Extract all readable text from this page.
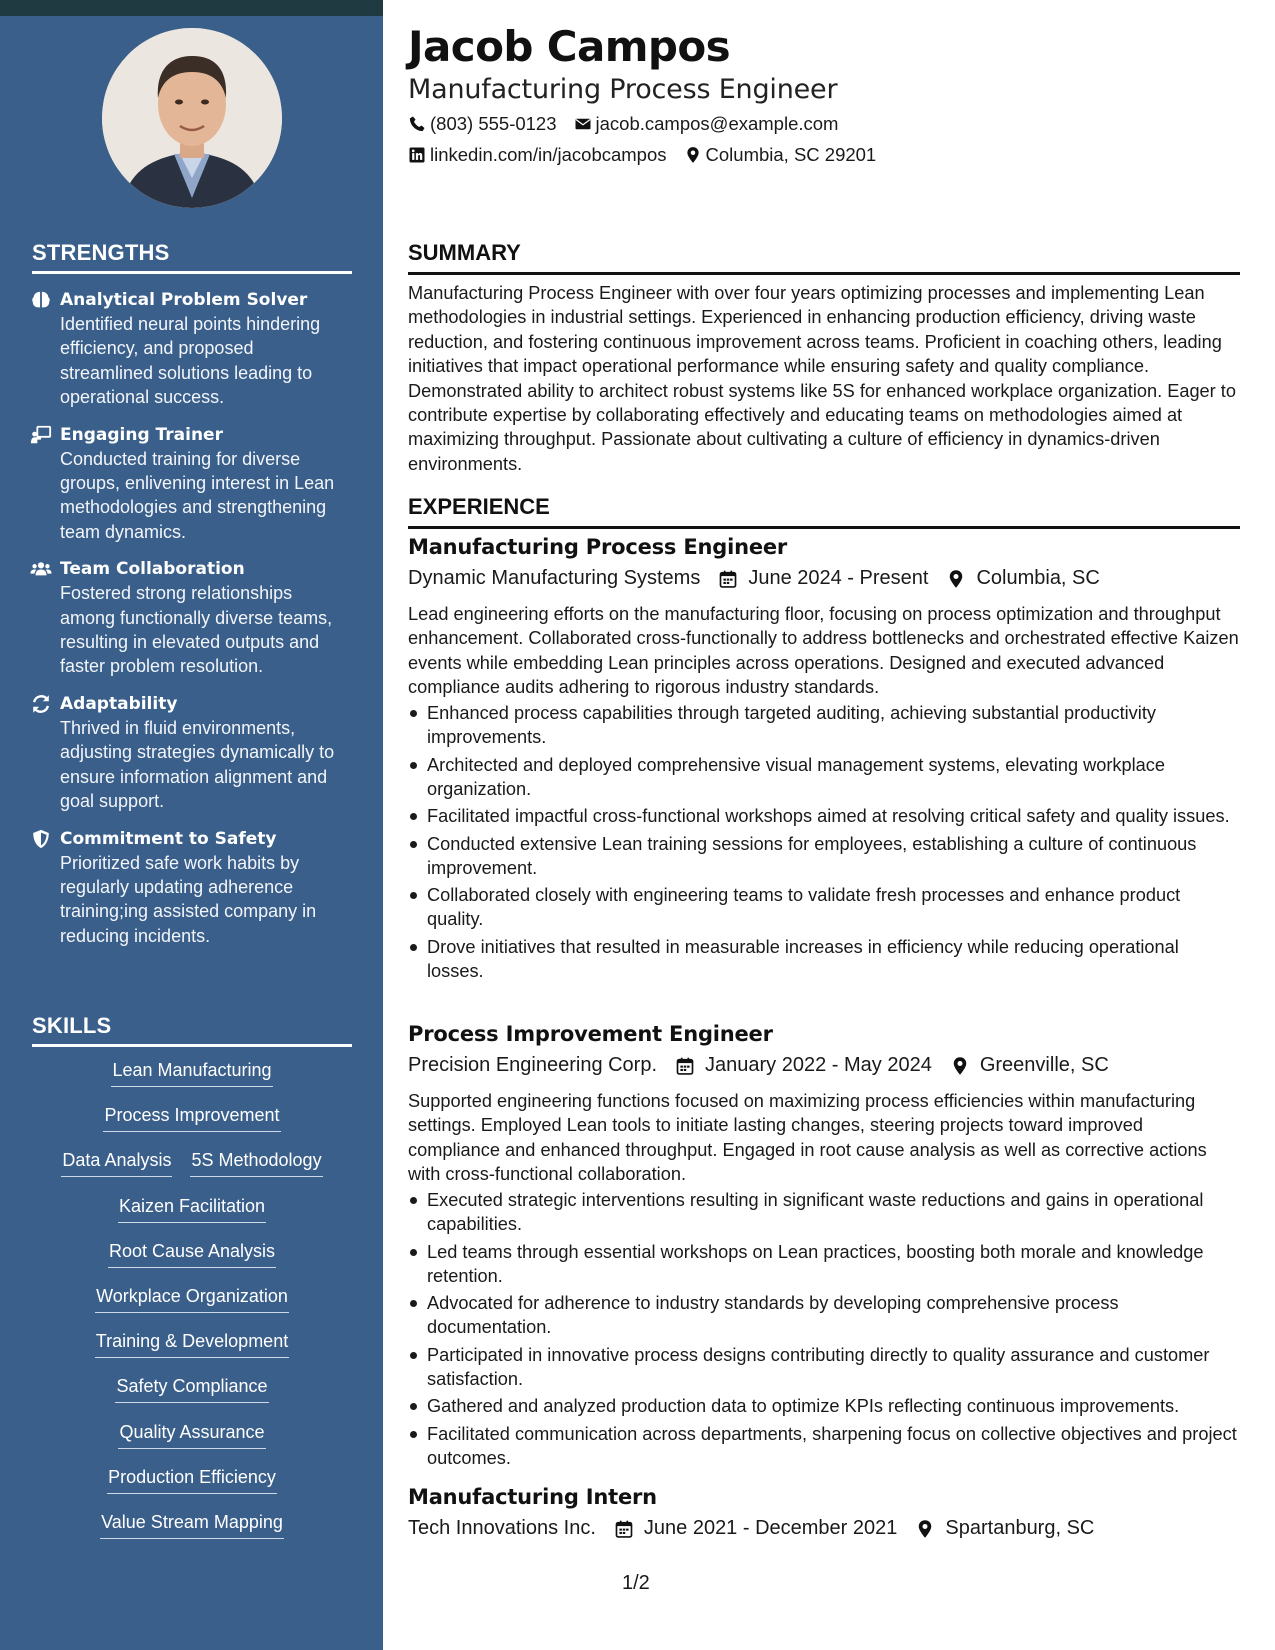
STRENGTHS
Analytical Problem Solver
Identified neural points hindering efficiency, and proposed streamlined solutions leading to operational success.
Engaging Trainer
Conducted training for diverse groups, enlivening interest in Lean methodologies and strengthening team dynamics.
Team Collaboration
Fostered strong relationships among functionally diverse teams, resulting in elevated outputs and faster problem resolution.
Adaptability
Thrived in fluid environments, adjusting strategies dynamically to ensure information alignment and goal support.
Commitment to Safety
Prioritized safe work habits by regularly updating adherence training;ing assisted company in reducing incidents.
SKILLS
Lean Manufacturing
Process Improvement
Data Analysis 5S Methodology
Kaizen Facilitation
Root Cause Analysis
Workplace Organization
Training & Development
Safety Compliance
Quality Assurance
Production Efficiency
Value Stream Mapping
Jacob Campos
Manufacturing Process Engineer
(803) 555-0123 jacob.campos@example.com
linkedin.com/in/jacobcampos Columbia, SC 29201
SUMMARY
Manufacturing Process Engineer with over four years optimizing processes and implementing Lean methodologies in industrial settings. Experienced in enhancing production efficiency, driving waste reduction, and fostering continuous improvement across teams. Proficient in coaching others, leading initiatives that impact operational performance while ensuring safety and quality compliance. Demonstrated ability to architect robust systems like 5S for enhanced workplace organization. Eager to contribute expertise by collaborating effectively and educating teams on methodologies aimed at maximizing throughput. Passionate about cultivating a culture of efficiency in dynamics-driven environments.
EXPERIENCE
Manufacturing Process Engineer
Dynamic Manufacturing Systems June 2024 - Present Columbia, SC
Lead engineering efforts on the manufacturing floor, focusing on process optimization and throughput enhancement. Collaborated cross-functionally to address bottlenecks and orchestrated effective Kaizen events while embedding Lean principles across operations. Designed and executed advanced compliance audits adhering to rigorous industry standards.
Enhanced process capabilities through targeted auditing, achieving substantial productivity improvements.
Architected and deployed comprehensive visual management systems, elevating workplace organization.
Facilitated impactful cross-functional workshops aimed at resolving critical safety and quality issues.
Conducted extensive Lean training sessions for employees, establishing a culture of continuous improvement.
Collaborated closely with engineering teams to validate fresh processes and enhance product quality.
Drove initiatives that resulted in measurable increases in efficiency while reducing operational losses.
Process Improvement Engineer
Precision Engineering Corp. January 2022 - May 2024 Greenville, SC
Supported engineering functions focused on maximizing process efficiencies within manufacturing settings. Employed Lean tools to initiate lasting changes, steering projects toward improved compliance and enhanced throughput. Engaged in root cause analysis as well as corrective actions with cross-functional collaboration.
Executed strategic interventions resulting in significant waste reductions and gains in operational capabilities.
Led teams through essential workshops on Lean practices, boosting both morale and knowledge retention.
Advocated for adherence to industry standards by developing comprehensive process documentation.
Participated in innovative process designs contributing directly to quality assurance and customer satisfaction.
Gathered and analyzed production data to optimize KPIs reflecting continuous improvements.
Facilitated communication across departments, sharpening focus on collective objectives and project outcomes.
Manufacturing Intern
Tech Innovations Inc. June 2021 - December 2021 Spartanburg, SC
1/2
